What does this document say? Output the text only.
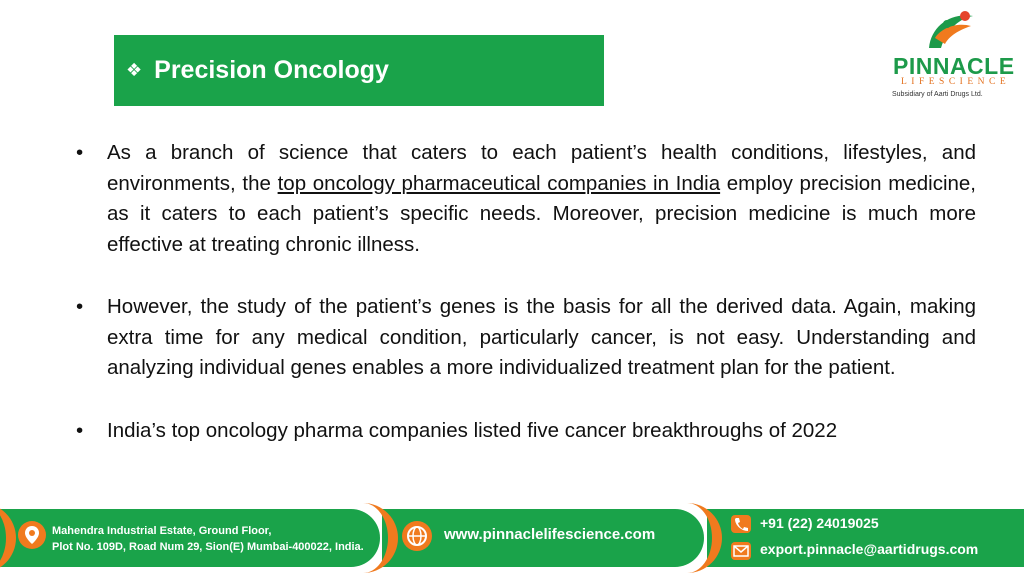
❖ Precision Oncology	PINNACLE
LIFESCIENCE
Subsidiary of Aarti Drugs Ltd.
• As a branch of science that caters to each patient’s health conditions, lifestyles, and environments, the top oncology pharmaceutical companies in India employ precision medicine, as it caters to each patient’s specific needs. Moreover, precision medicine is much more effective at treating chronic illness.
• However, the study of the patient’s genes is the basis for all the derived data. Again, making extra time for any medical condition, particularly cancer, is not easy. Understanding and analyzing individual genes enables a more individualized treatment plan for the patient.
• India’s top oncology pharma companies listed five cancer breakthroughs of 2022
Mahendra Industrial Estate, Ground Floor,
Plot No. 109D, Road Num 29, Sion(E) Mumbai-400022, India.
www.pinnaclelifescience.com
+91 (22) 24019025
export.pinnacle@aartidrugs.com
